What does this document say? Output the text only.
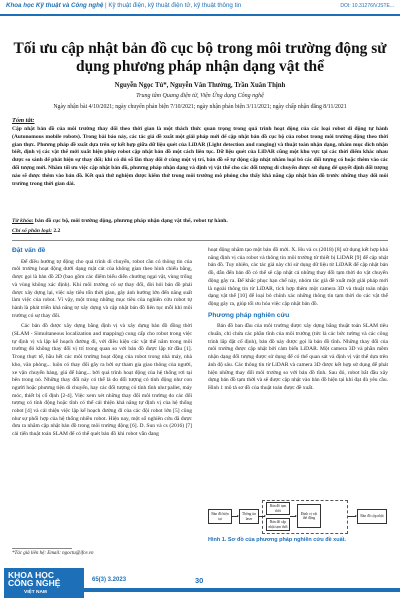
Khoa học Kỹ thuật và Công nghệ | Kỹ thuật điện, kỹ thuật điện tử, kỹ thuật thông tin	DOI: 10.31276/VJSTE...
Tối ưu cập nhật bản đồ cục bộ trong môi trường động sử dụng phương pháp nhận dạng vật thể
Nguyễn Ngọc Tú*, Nguyễn Văn Thường, Trần Xuân Thịnh
Trung tâm Quang điện tử, Viện Ứng dụng Công nghệ
Ngày nhận bài 4/10/2021; ngày chuyển phản biện 7/10/2021; ngày nhận phản biện 3/11/2021; ngày chấp nhận đăng 8/11/2021
Tóm tắt:
Cập nhật bản đồ của môi trường thay đổi theo thời gian là một thách thức quan trọng trong quá trình hoạt động của các loại robot di động tự hành (Autonomous mobile robots). Trong bài báo này, các tác giả đề xuất một giải pháp mới để cập nhật bản đồ cục bộ của robot trong môi trường động theo thời gian thực. Phương pháp đề xuất dựa trên sự kết hợp giữa dữ liệu quét của LiDAR (Light detection and ranging) và thuật toán nhận dạng, nhằm mục đích nhận biết, định vị các vật thể mới xuất hiện phép robot cập nhật bản đồ một cách liên tục. Dữ liệu quét của LiDAR cũng một khu vực tại các thời điểm khác nhau được so sánh để phát hiện sự thay đổi; khi có đủ số lần thay đổi ở cùng một vị trí, bản đồ sẽ tự động cập nhật nhằm loại bỏ các đối tượng có hoặc thêm vào các đối tượng mới. Nhằm tối ưu việc cập nhật bản đồ, phương pháp nhận dạng và định vị vật thể cho các đối tượng di chuyển được sử dụng để quyết định đối tượng nào sẽ được thêm vào bản đồ. Kết quả thử nghiệm được kiểm thử trong môi trường mô phỏng cho thấy khả năng cập nhật bản đồ trước những thay đổi môi trường trong thời gian dài.
Từ khóa: bản đồ cục bộ, môi trường động, phương pháp nhận dạng vật thể, robot tự hành.
Chỉ số phân loại: 2.2
Đặt vấn đề

Để điều hướng tự động cho quá trình di chuyển, robot cần có thông tin của môi trường hoạt động dưới dạng mật cát của không gian theo hình chiếu bằng, được gọi là bản đồ 2D (bao gồm các điểm biểu diễn chướng ngại vật, vùng trống và vùng không xác định). Khi môi trường có sự thay đổi, đòi hỏi bản đồ phải được xây dựng lại, việc này tiêu tốn thời gian, gây ảnh hưởng lớn đến năng suất làm việc của robot. Vì vậy, một trong những mục tiêu của nghiên cứu robot tự hành là phát triển khả năng tự xây dựng và cập nhật bản đồ liên tục mỗi khi môi trường có sự thay đổi.

Các bản đồ được xây dựng bằng định vị và xây dựng bản đồ đồng thời (SLAM - Simultaneous localization and mapping) cung cấp cho robot trong việc tự định vị và lập kế hoạch đường đi, với điều kiện các vật thể nằm trong môi trường đó không thay đổi vị trí trong quan so với bản đồ được lập từ đầu [1]. Trong thực tế, hầu hết các môi trường hoạt động của robot trong nhà máy, nhà kho, văn phòng... luôn có thay đổi gây ra bởi sự tham gia giao thông của người, xe vận chuyển hàng, giá để hàng... bởi quá trình hoạt động của hệ thống rơi tại bên trong nó. Những thay đổi này có thể là do đối tượng có tính động như con người hoặc phương tiện di chuyển, hay các đối tượng có tính tĩnh như pallet, máy móc, thiết bị cố định [2-4]. Việc xem xét những thay đổi môi trường do các đối tượng có tính động hoặc tĩnh có thể cải thiện khả năng tự định vị của hệ thống robot [4] và cải thiện việc lập kế hoạch đường đi của các đội robot lớn [5] cũng như sự phối hợp của hệ thống nhiều robot. Hiện nay, một số nghiên cứu đã được đưa ra nhằm cập nhật bản đồ trong môi trường động [6]. D. Sun và cs (2016) [7] cải tiến thuật toán SLAM để có thể quét bản đồ khi robot vẫn đang

*Tác giả liên hệ: Email: ngoctu@ifce.vn

hoạt động nhằm tạo một bản đồ mới. X. Hu và cs (2018) [8] sử dụng kết hợp khả năng định vị của robot và thông tin môi trường từ thiết bị LiDAR [9] để cập nhật bản đồ. Tuy nhiên, các tác giả này chỉ sử dụng dữ liệu từ LiDAR để cập nhật bản đồ, dẫn đến bản đồ có thể sẽ cập nhật cả những thay đổi tạm thời do vật chuyển động gây ra. Để khắc phục hạn chế này, nhóm tác giả đề xuất một giải pháp mới là ngoài thông tin từ LiDAR, tích hợp thêm một camera 3D và thuật toán nhận dạng vật thể [10] để loại bỏ chính xác những thông tin tạm thời do các vật thể động gây ra, giúp tối ưu hóa việc cập nhật bản đồ.

Phương pháp nghiên cứu

Bản đồ ban đầu của môi trường được xây dựng bằng thuật toán SLAM tiêu chuẩn, chỉ chứa các phần tĩnh của môi trường (tức là các bức tường và các công trình lắp đặt cố định), bản đồ này được gọi là bản đồ tĩnh. Những thay đổi của môi trường được cập nhật bởi cảm biến LiDAR. Một camera 3D và phần mềm nhận dạng đối tượng được sử dụng để có thể quan sát và định vị vật thể dựa trên ảnh độ sâu. Các thông tin từ LiDAR và camera 3D được kết hợp sử dụng để phát hiện những thay đổi môi trường so với bản đồ tĩnh. Sau đó, robot bắt đầu xây dựng bản đồ tạm thời và sẽ được cập nhật vào bản đồ hiện tại khi đạt đủ yêu cầu. Hình 1 mô tả sơ đồ của thuật toán được đề xuất.

Bản đồ hiện tại
Thông tin laser
Bản đồ tạm thời
Bản đồ cập nhật tạm thời
Định vị vật thể động	Bản đồ cập nhật
Hình 1. Sơ đồ của phương pháp nghiên cứu đề xuất.
KHOA HỌC
CÔNG NGHỆ
VIỆT NAM
65(3) 3.2023	30
